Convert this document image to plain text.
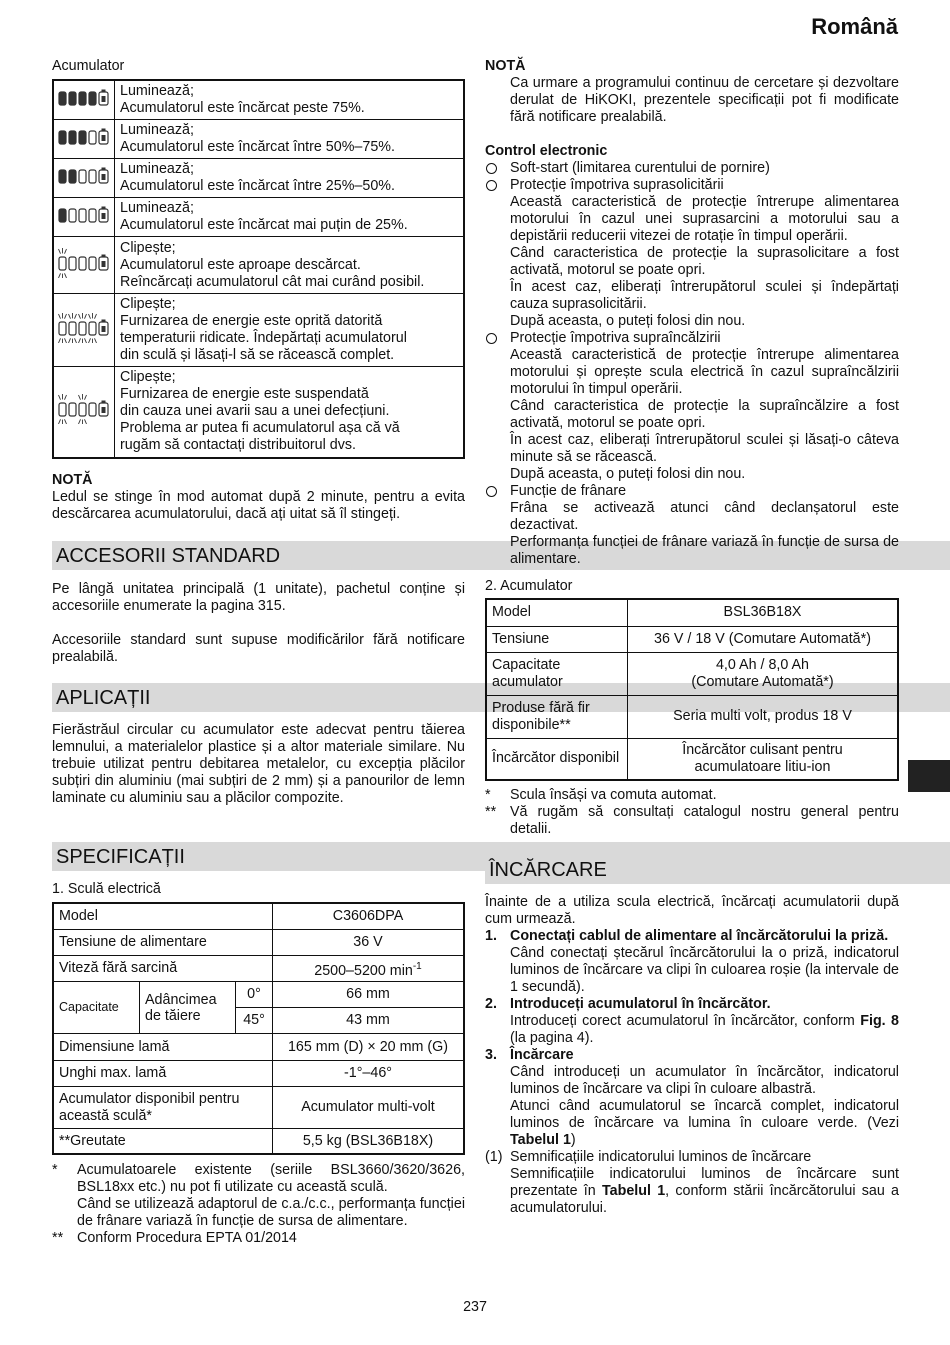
Română

Acumulator

Luminează;
Acumulatorul este încărcat peste 75%.

Luminează;
Acumulatorul este încărcat între 50%–75%.

Luminează;
Acumulatorul este încărcat între 25%–50%.

Luminează;
Acumulatorul este încărcat mai puțin de 25%.

Clipește;
Acumulatorul este aproape descărcat.
Reîncărcați acumulatorul cât mai curând posibil.

Clipește;
Furnizarea de energie este oprită datorită
temperaturii ridicate. Îndepărtați acumulatorul
din sculă și lăsați-l să se răcească complet.

Clipește;
Furnizarea de energie este suspendată
din cauza unei avarii sau a unei defecțiuni.
Problema ar putea fi acumulatorul așa că vă
rugăm să contactați distribuitorul dvs.

NOTĂ

Ledul se stinge în mod automat după 2 minute, pentru a evita descărcarea acumulatorului, dacă ați uitat să îl stingeți.

ACCESORII STANDARD

Pe lângă unitatea principală (1 unitate), pachetul conține și accesoriile enumerate la pagina 315.

Accesoriile standard sunt supuse modificărilor fără notificare prealabilă.

APLICAȚII
Fierăstrăul circular cu acumulator este adecvat pentru tăierea lemnului, a materialelor plastice și a altor materiale similare. Nu trebuie utilizat pentru debitarea metalelor, cu excepția plăcilor subțiri din aluminiu (mai subțiri de 2 mm) și a panourilor de lemn laminate cu aluminiu sau a plăcilor compozite.
SPECIFICAȚII
1. Sculă electrică
Model			C3606DPA
Tensiune de alimentare			36 V
Viteză fără sarcină			2500–5200 $\min^{-1}$
Capacitate	Adâncimea de tăiere	0°	66 mm
		45°	43 mm
Dimensiune lamă			165 mm (D) × 20 mm (G)
Unghi max. lamă			-1°–46°
Acumulator disponibil pentru această sculă*			Acumulator multi-volt
**Greutate			5,5 kg (BSL36B18X)
* Acumulatoarele existente (seriile BSL3660/3620/3626, BSL18xx etc.) nu pot fi utilizate cu această sculă.
Când se utilizează adaptorul de c.a./c.c., performanța funcției de frânare variază în funcție de sursa de alimentare.
** Conform Procedura EPTA 01/2014

NOTĂ

Ca urmare a programului continuu de cercetare și dezvoltare derulat de HiKOKI, prezentele specificații pot fi modificate fără notificare prealabilă.

Control electronic

Soft-start (limitarea curentului de pornire)

Protecție împotriva suprasolicitării

Această caracteristică de protecție întrerupe alimentarea motorului în cazul unei suprasarcini a motorului sau a depistării reducerii vitezei de rotație în timpul operării.

Când caracteristica de protecție la suprasolicitare a fost activată, motorul se poate opri.

În acest caz, eliberați întrerupătorul sculei și îndepărtați cauza suprasolicitării.

După aceasta, o puteți folosi din nou.

Protecție împotriva supraîncălzirii

Această caracteristică de protecție întrerupe alimentarea motorului și oprește scula electrică în cazul supraîncălzirii motorului în timpul operării.

Când caracteristica de protecție la supraîncălzire a fost activată, motorul se poate opri.

În acest caz, eliberați întrerupătorul sculei și lăsați-o câteva minute să se răcească.

După aceasta, o puteți folosi din nou.

Funcție de frânare

Frâna se activează atunci când declanșatorul este dezactivat.

Performanța funcției de frânare variază în funcție de sursa de alimentare.

2. Acumulator
Model	BSL36B18X
Tensiune	36 V / 18 V (Comutare Automată*)
Capacitate acumulator	4,0 Ah / 8,0 Ah
(Comutare Automată*)

Produse fără fir disponibile**	Seria multi volt, produs 18 V
Încărcător disponibil	Încărcător culisant pentru
acumulatoare litiu-ion
* Scula însăși va comuta automat.
** Vă rugăm să consultați catalogul nostru general pentru detalii.
ÎNCĂRCARE

Înainte de a utiliza scula electrică, încărcați acumulatorii după cum urmează.

1. Conectați cablul de alimentare al încărcătorului la priză.

Când conectați ștecărul încărcătorului la o priză, indicatorul luminos de încărcare va clipi în culoarea roșie (la intervale de 1 secundă).

2. Introduceți acumulatorul în încărcător.

Introduceți corect acumulatorul în încărcător, conform Fig. 8 (la pagina 4).

3. Încărcare

Când introduceți un acumulator în încărcător, indicatorul luminos de încărcare va clipi în culoare albastră.

Atunci când acumulatorul se încarcă complet, indicatorul luminos de încărcare va lumina în culoare verde. (Vezi Tabelul 1)

(1) Semnificațiile indicatorului luminos de încărcare

Semnificațiile indicatorului luminos de încărcare sunt prezentate în Tabelul 1, conform stării încărcătorului sau a acumulatorului.

237
